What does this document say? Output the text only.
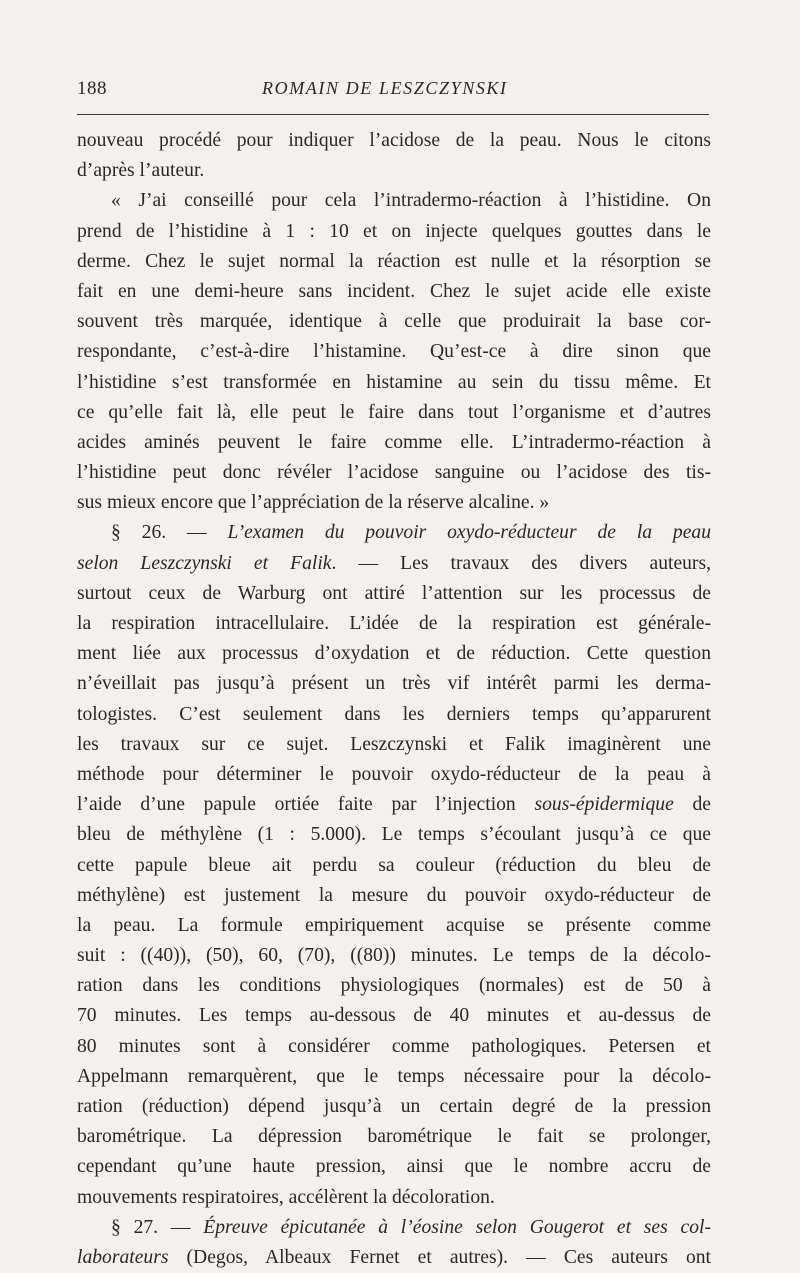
188	ROMAIN DE LESZCZYNSKI
nouveau procédé pour indiquer l’acidose de la peau. Nous le citons
d’après l’auteur.
« J’ai conseillé pour cela l’intradermo-réaction à l’histidine. On
prend de l’histidine à 1 : 10 et on injecte quelques gouttes dans le
derme. Chez le sujet normal la réaction est nulle et la résorption se
fait en une demi-heure sans incident. Chez le sujet acide elle existe
souvent très marquée, identique à celle que produirait la base cor-
respondante, c’est-à-dire l’histamine. Qu’est-ce à dire sinon que
l’histidine s’est transformée en histamine au sein du tissu même. Et
ce qu’elle fait là, elle peut le faire dans tout l’organisme et d’autres
acides aminés peuvent le faire comme elle. L’intradermo-réaction à
l’histidine peut donc révéler l’acidose sanguine ou l’acidose des tis-
sus mieux encore que l’appréciation de la réserve alcaline. »
§ 26. — L’examen du pouvoir oxydo-réducteur de la peau
selon Leszczynski et Falik. — Les travaux des divers auteurs,
surtout ceux de Warburg ont attiré l’attention sur les processus de
la respiration intracellulaire. L’idée de la respiration est générale-
ment liée aux processus d’oxydation et de réduction. Cette question
n’éveillait pas jusqu’à présent un très vif intérêt parmi les derma-
tologistes. C’est seulement dans les derniers temps qu’apparurent
les travaux sur ce sujet. Leszczynski et Falik imaginèrent une
méthode pour déterminer le pouvoir oxydo-réducteur de la peau à
l’aide d’une papule ortiée faite par l’injection sous-épidermique de
bleu de méthylène (1 : 5.000). Le temps s’écoulant jusqu’à ce que
cette papule bleue ait perdu sa couleur (réduction du bleu de
méthylène) est justement la mesure du pouvoir oxydo-réducteur de
la peau. La formule empiriquement acquise se présente comme
suit : ((40)), (50), 60, (70), ((80)) minutes. Le temps de la décolo-
ration dans les conditions physiologiques (normales) est de 50 à
70 minutes. Les temps au-dessous de 40 minutes et au-dessus de
80 minutes sont à considérer comme pathologiques. Petersen et
Appelmann remarquèrent, que le temps nécessaire pour la décolo-
ration (réduction) dépend jusqu’à un certain degré de la pression
barométrique. La dépression barométrique le fait se prolonger,
cependant qu’une haute pression, ainsi que le nombre accru de
mouvements respiratoires, accélèrent la décoloration.
§ 27. — Épreuve épicutanée à l’éosine selon Gougerot et ses col-
laborateurs (Degos, Albeaux Fernet et autres). — Ces auteurs ont
